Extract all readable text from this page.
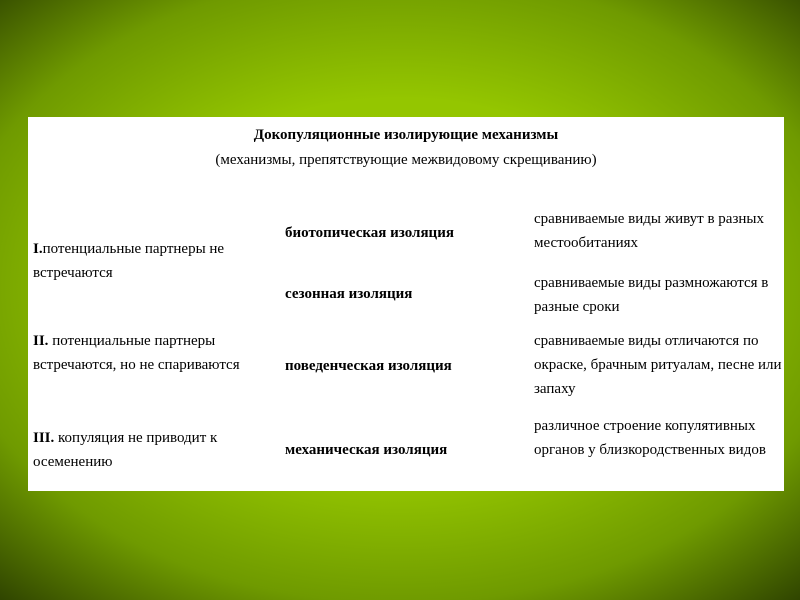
Докопуляционные изолирующие механизмы
(механизмы, препятствующие межвидовому скрещиванию)
I.потенциальные партнеры не встречаются
биотопическая изоляция
сравниваемые виды живут в разных местообитаниях
сезонная изоляция
сравниваемые виды размножаются в разные сроки
II. потенциальные партнеры встречаются, но не спариваются	поведенческая изоляция
сравниваемые виды отличаются по окраске, брачным ритуалам, песне или запаху
III. копуляция не приводит к осеменению
механическая изоляция
различное строение копулятивных органов у близкородственных видов
